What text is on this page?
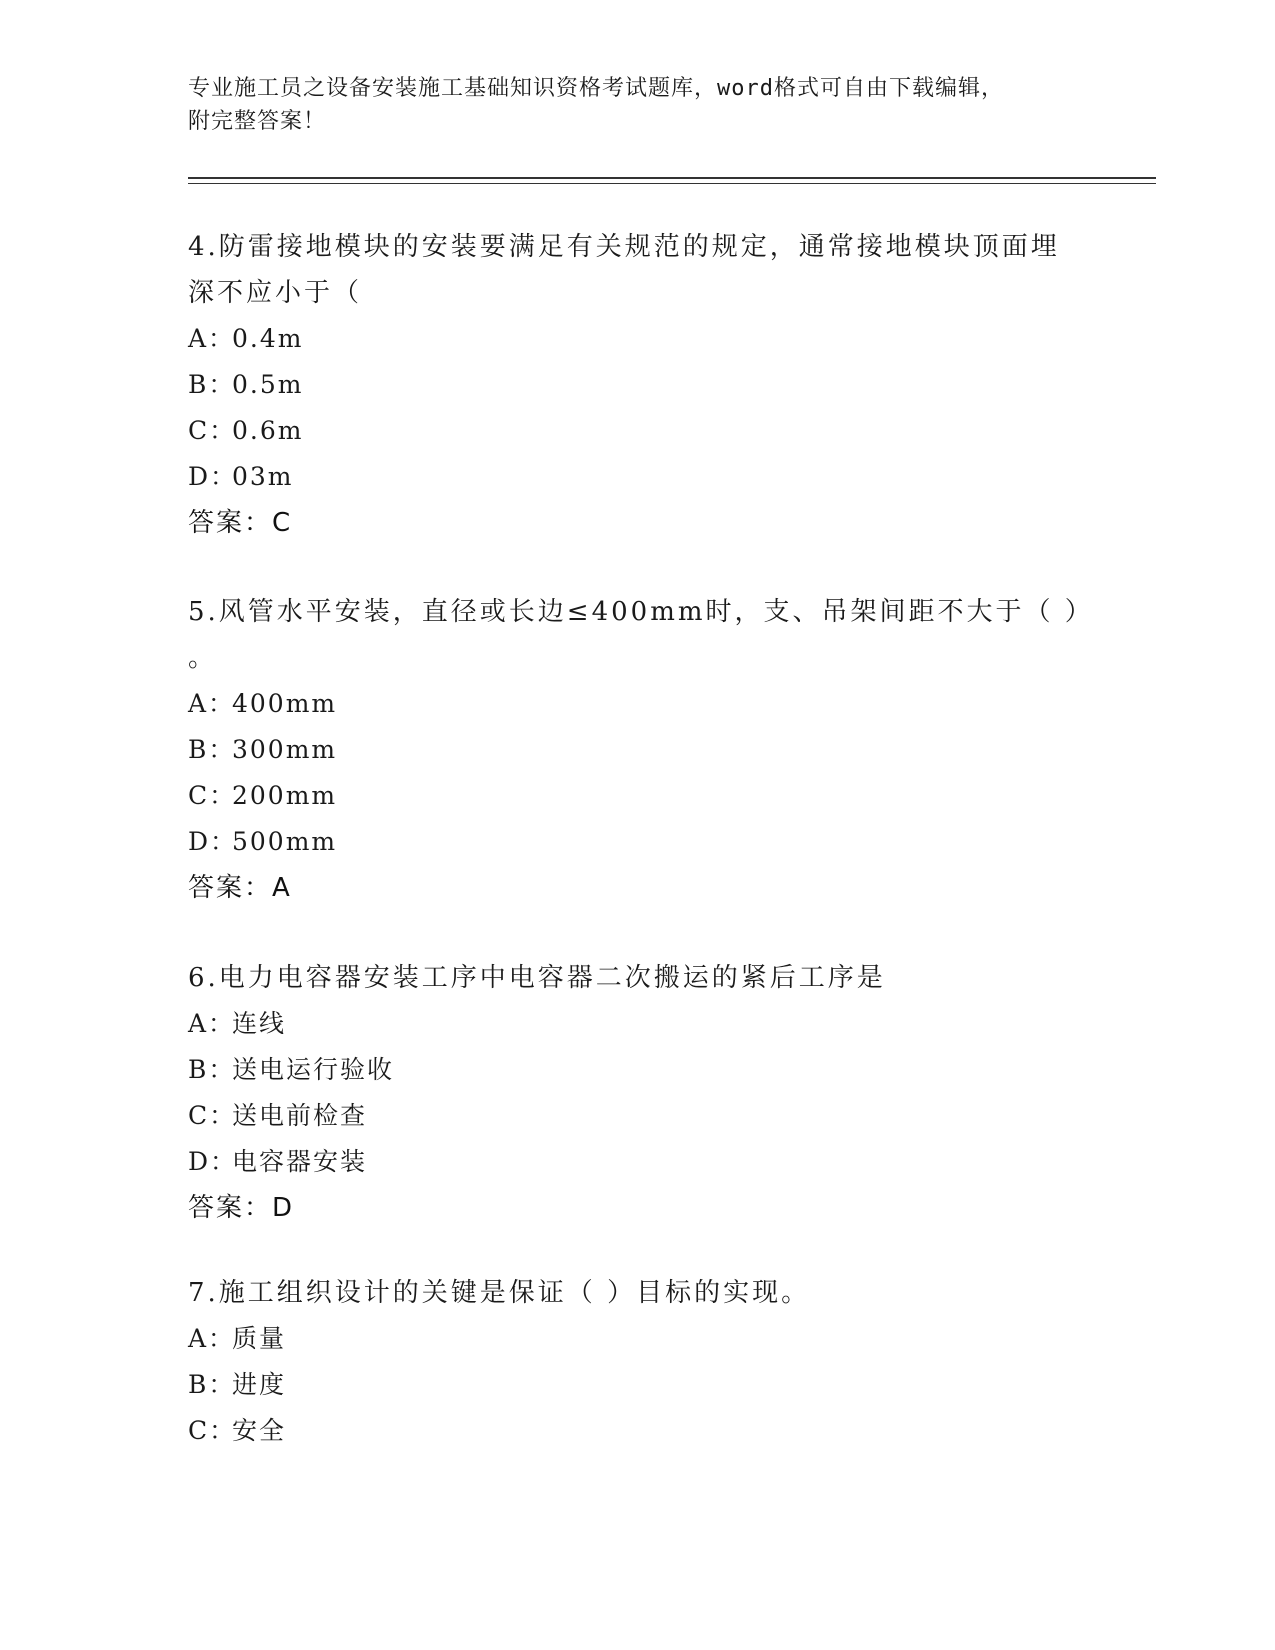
专业施工员之设备安装施工基础知识资格考试题库，word格式可自由下载编辑，
附完整答案！
4.防雷接地模块的安装要满足有关规范的规定，通常接地模块顶面埋
深不应小于（
A：0.4m
B：0.5m
C：0.6m
D：03m
答案：C
5.风管水平安装，直径或长边≤400mm时，支、吊架间距不大于（ ）
。
A：400mm
B：300mm
C：200mm
D：500mm
答案：A
6.电力电容器安装工序中电容器二次搬运的紧后工序是
A：连线
B：送电运行验收
C：送电前检查
D：电容器安装
答案：D
7.施工组织设计的关键是保证（ ）目标的实现。
A：质量
B：进度
C：安全
